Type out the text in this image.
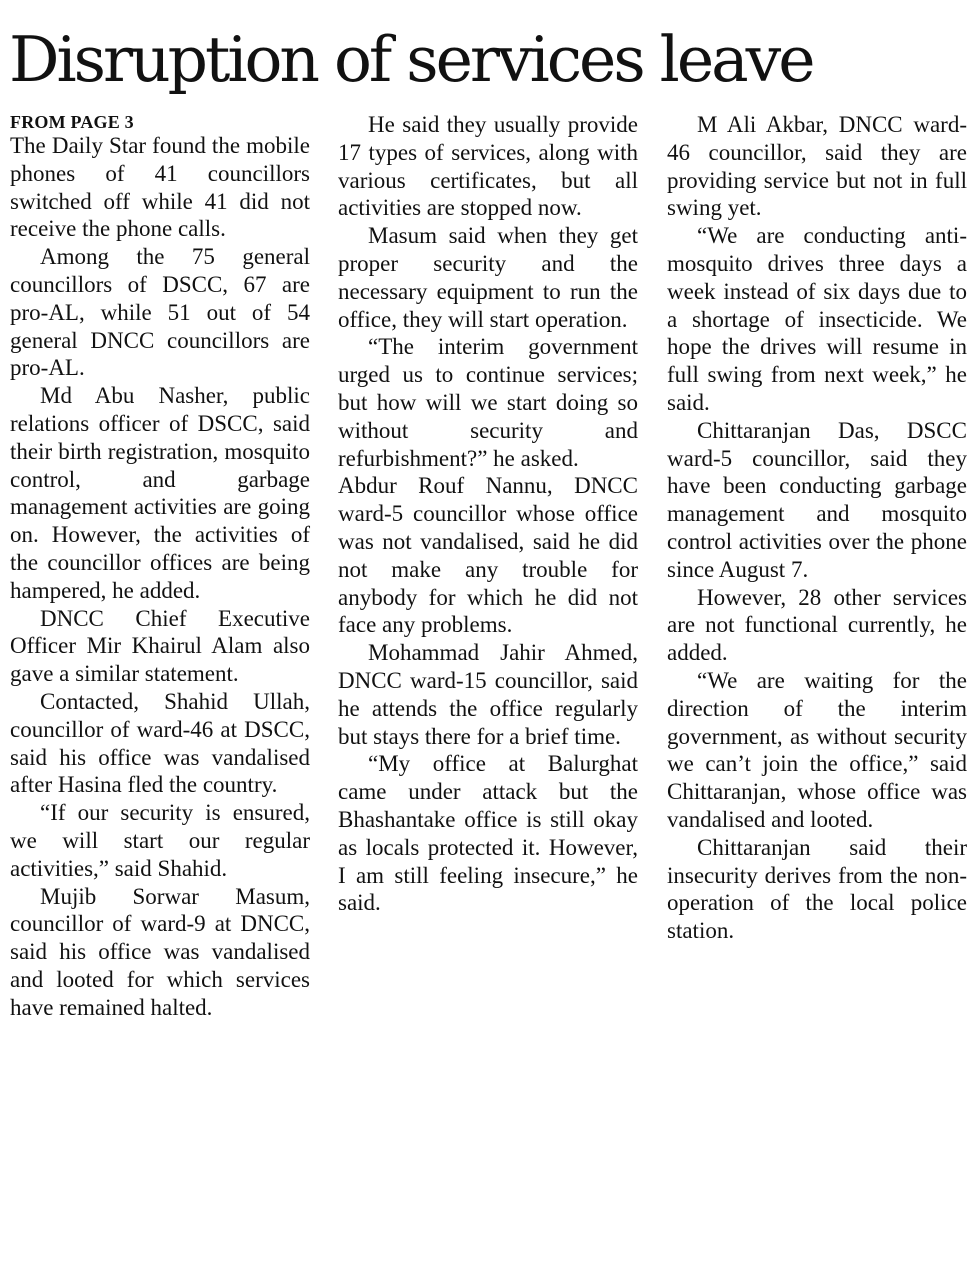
Disruption of services leave
FROM PAGE 3

The Daily Star found the mobile phones of 41 councillors switched off while 41 did not receive the phone calls.

Among the 75 general councillors of DSCC, 67 are pro-AL, while 51 out of 54 general DNCC councillors are pro-AL.

Md Abu Nasher, public relations officer of DSCC, said their birth registration, mosquito control, and garbage management activities are going on. However, the activities of the councillor offices are being hampered, he added.

DNCC Chief Executive Officer Mir Khairul Alam also gave a similar statement.

Contacted, Shahid Ullah, councillor of ward-46 at DSCC, said his office was vandalised after Hasina fled the country.

“If our security is ensured, we will start our regular activities,” said Shahid.

Mujib Sorwar Masum, councillor of ward-9 at DNCC, said his office was vandalised and looted for which services have remained halted.

He said they usually provide 17 types of services, along with various certificates, but all activities are stopped now.

Masum said when they get proper security and the necessary equipment to run the office, they will start operation.

“The interim government urged us to continue services; but how will we start doing so without security and refurbishment?” he asked.

Abdur Rouf Nannu, DNCC ward-5 councillor whose office was not vandalised, said he did not make any trouble for anybody for which he did not face any problems.

Mohammad Jahir Ahmed, DNCC ward-15 councillor, said he attends the office regularly but stays there for a brief time.

“My office at Balurghat came under attack but the Bhashantake office is still okay as locals protected it. However, I am still feeling insecure,” he said.

M Ali Akbar, DNCC ward-46 councillor, said they are providing service but not in full swing yet.

“We are conducting anti-mosquito drives three days a week instead of six days due to a shortage of insecticide. We hope the drives will resume in full swing from next week,” he said.

Chittaranjan Das, DSCC ward-5 councillor, said they have been conducting garbage management and mosquito control activities over the phone since August 7.

However, 28 other services are not functional currently, he added.

“We are waiting for the direction of the interim government, as without security we can’t join the office,” said Chittaranjan, whose office was vandalised and looted.

Chittaranjan said their insecurity derives from the non-operation of the local police station.
